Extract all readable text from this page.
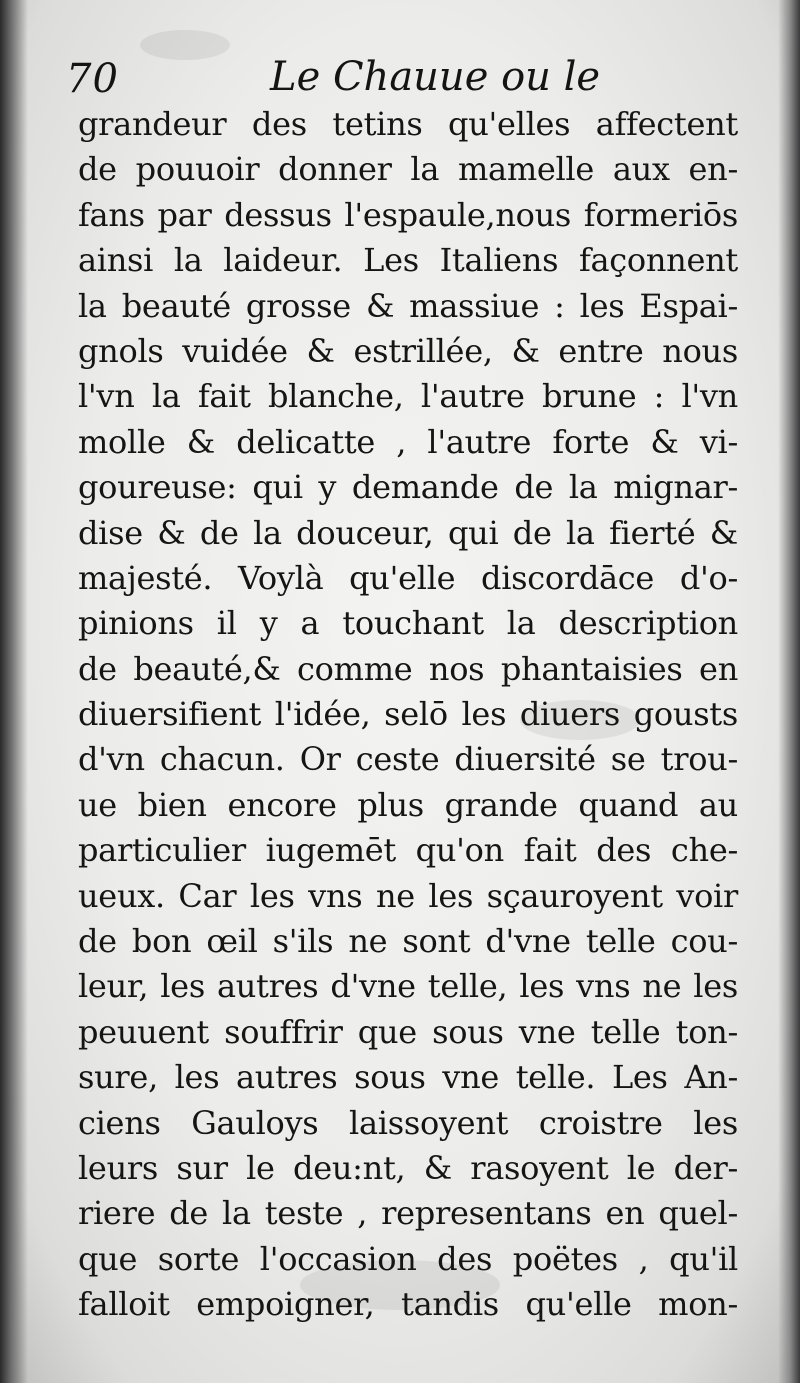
70	Le Chauue ou le
grandeur des tetins qu'elles affectent
de pouuoir donner la mamelle aux en-
fans par dessus l'espaule,nous formeriōs
ainsi la laideur. Les Italiens façonnent
la beauté grosse & massiue : les Espai-
gnols vuidée & estrillée, & entre nous
l'vn la fait blanche, l'autre brune : l'vn
molle & delicatte , l'autre forte & vi-
goureuse: qui y demande de la mignar-
dise & de la douceur, qui de la fierté &
majesté. Voylà qu'elle discordāce d'o-
pinions il y a touchant la description
de beauté,& comme nos phantaisies en
diuersifient l'idée, selō les diuers gousts
d'vn chacun. Or ceste diuersité se trou-
ue bien encore plus grande quand au
particulier iugemēt qu'on fait des che-
ueux. Car les vns ne les sçauroyent voir
de bon œil s'ils ne sont d'vne telle cou-
leur, les autres d'vne telle, les vns ne les
peuuent souffrir que sous vne telle ton-
sure, les autres sous vne telle. Les An-
ciens Gauloys laissoyent croistre les
leurs sur le deu:nt, & rasoyent le der-
riere de la teste , representans en quel-
que sorte l'occasion des poëtes , qu'il
falloit empoigner, tandis qu'elle mon-
